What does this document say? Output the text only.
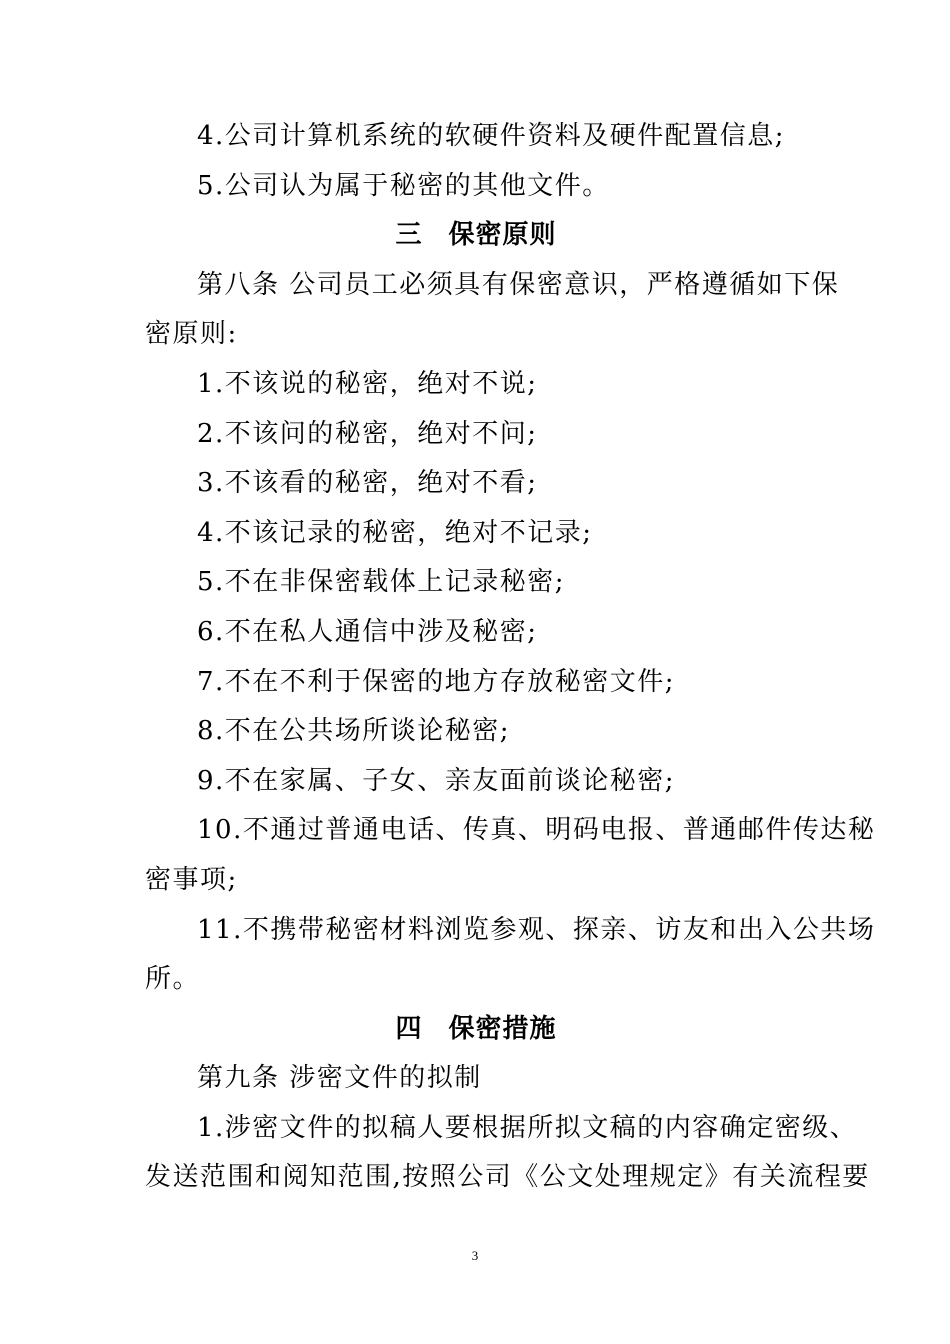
4.公司计算机系统的软硬件资料及硬件配置信息;
5.公司认为属于秘密的其他文件。
三 保密原则
第八条 公司员工必须具有保密意识，严格遵循如下保
密原则:
1.不该说的秘密，绝对不说;
2.不该问的秘密，绝对不问;
3.不该看的秘密，绝对不看;
4.不该记录的秘密，绝对不记录;
5.不在非保密载体上记录秘密;
6.不在私人通信中涉及秘密;
7.不在不利于保密的地方存放秘密文件;
8.不在公共场所谈论秘密;
9.不在家属、子女、亲友面前谈论秘密;
10.不通过普通电话、传真、明码电报、普通邮件传达秘
密事项;
11.不携带秘密材料浏览参观、探亲、访友和出入公共场
所。
四 保密措施
第九条 涉密文件的拟制
1.涉密文件的拟稿人要根据所拟文稿的内容确定密级、
发送范围和阅知范围,按照公司《公文处理规定》有关流程要
3
